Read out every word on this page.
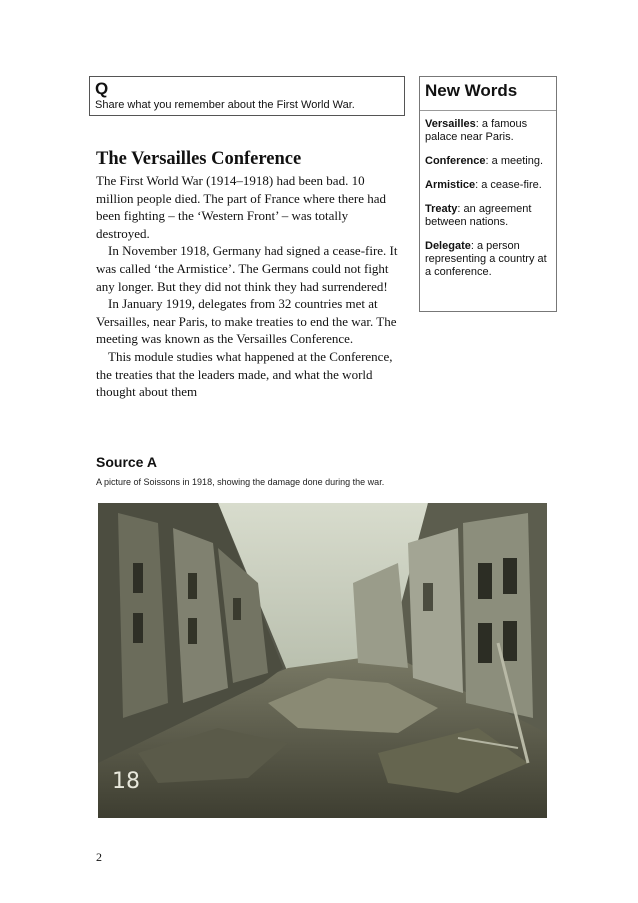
Q
Share what you remember about the First World War.
New Words
Versailles: a famous palace near Paris.
Conference: a meeting.
Armistice: a cease-fire.
Treaty: an agreement between nations.
Delegate: a person representing a country at a conference.
The Versailles Conference

The First World War (1914–1918) had been bad. 10 million people died. The part of France where there had been fighting – the ‘Western Front’ – was totally destroyed.

In November 1918, Germany had signed a cease-fire. It was called ‘the Armistice’. The Germans could not fight any longer. But they did not think they had surrendered!

In January 1919, delegates from 32 countries met at Versailles, near Paris, to make treaties to end the war. The meeting was known as the Versailles Conference.

This module studies what happened at the Conference, the treaties that the leaders made, and what the world thought about them

Source A
A picture of Soissons in 1918, showing the damage done during the war.
18
2
